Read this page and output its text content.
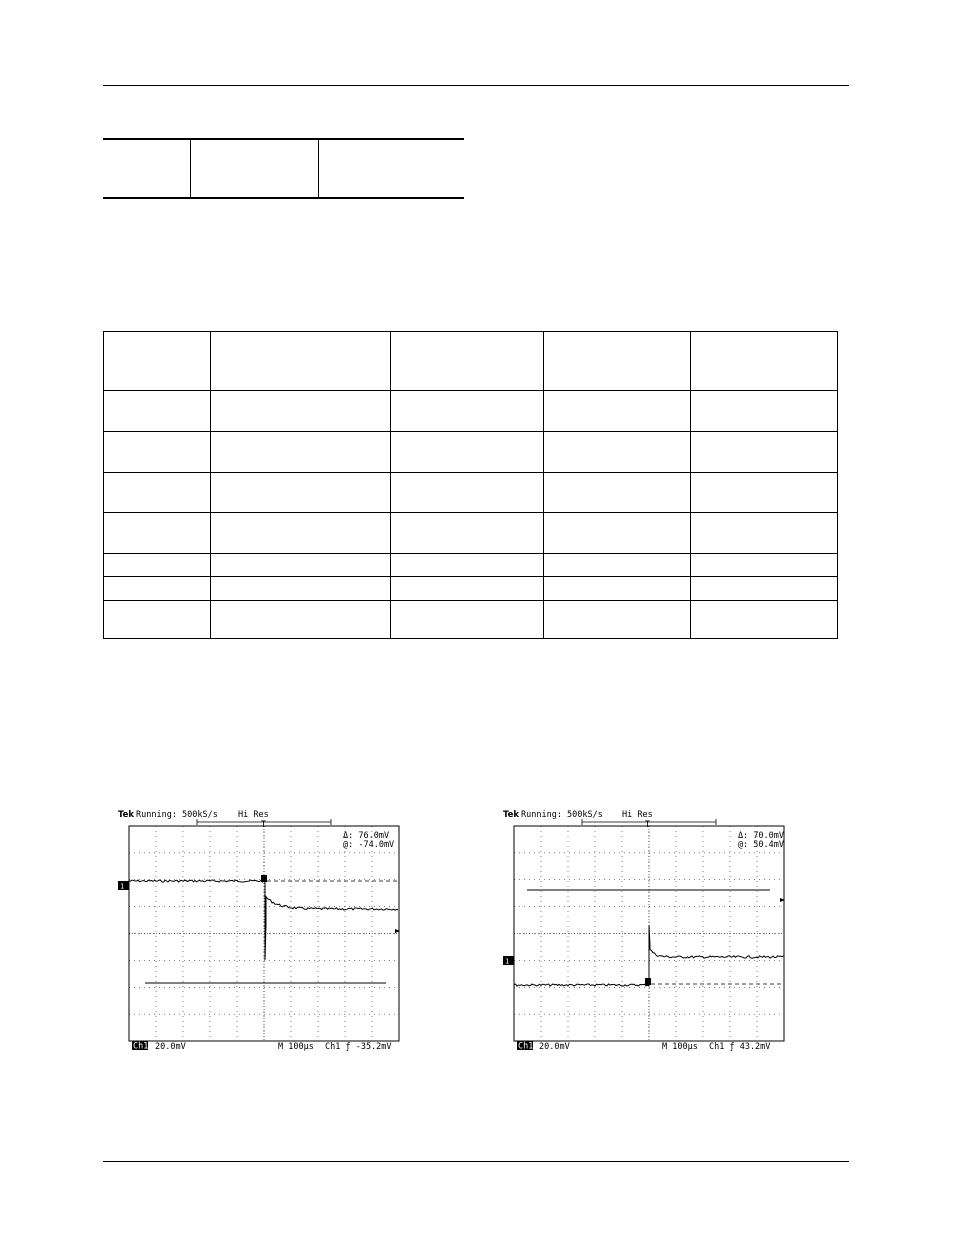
Tek Running: 500kS/s Hi Res
T
Δ: 76.0mV
@: -74.0mV
1
Ch1 20.0mV	M 100µs Ch1 ƒ -35.2mV
Tek Running: 500kS/s Hi Res
T
Δ: 70.0mV
@: 50.4mV
1
Ch1 20.0mV	M 100µs Ch1 ƒ 43.2mV
